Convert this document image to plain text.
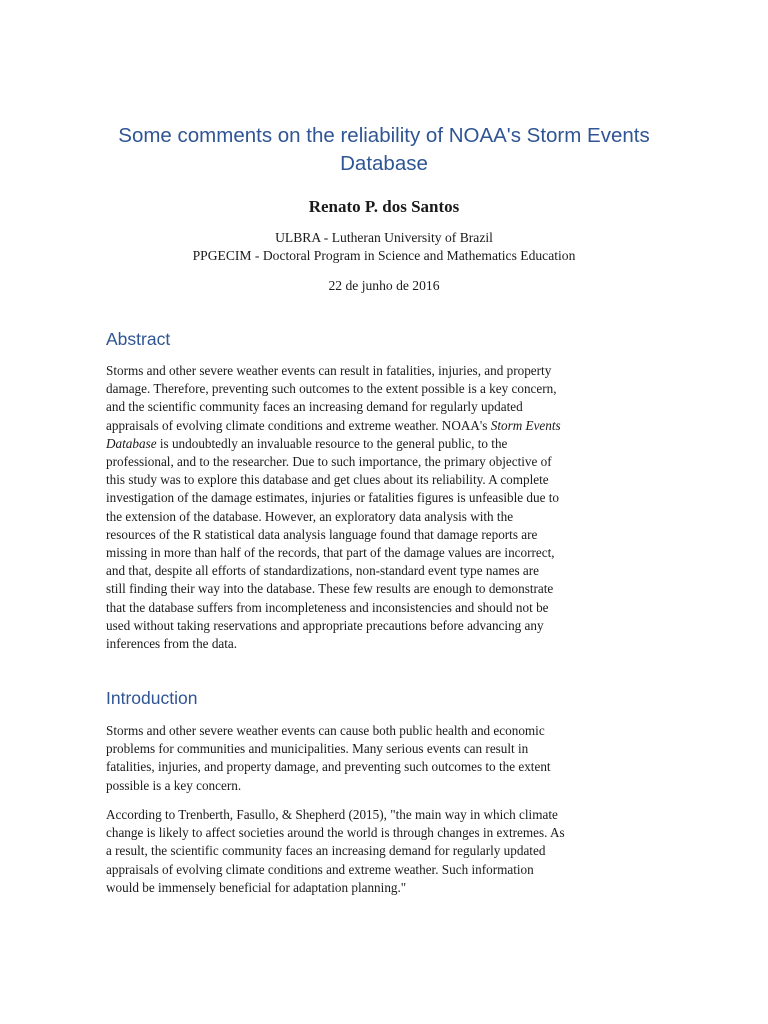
Some comments on the reliability of NOAA's Storm Events
Database

Renato P. dos Santos

ULBRA - Lutheran University of Brazil

PPGECIM - Doctoral Program in Science and Mathematics Education

22 de junho de 2016

Abstract

Storms and other severe weather events can result in fatalities, injuries, and property
damage. Therefore, preventing such outcomes to the extent possible is a key concern,
and the scientific community faces an increasing demand for regularly updated
appraisals of evolving climate conditions and extreme weather. NOAA's Storm Events
Database is undoubtedly an invaluable resource to the general public, to the
professional, and to the researcher. Due to such importance, the primary objective of
this study was to explore this database and get clues about its reliability. A complete
investigation of the damage estimates, injuries or fatalities figures is unfeasible due to
the extension of the database. However, an exploratory data analysis with the
resources of the R statistical data analysis language found that damage reports are
missing in more than half of the records, that part of the damage values are incorrect,
and that, despite all efforts of standardizations, non-standard event type names are
still finding their way into the database. These few results are enough to demonstrate
that the database suffers from incompleteness and inconsistencies and should not be
used without taking reservations and appropriate precautions before advancing any
inferences from the data.

Introduction

Storms and other severe weather events can cause both public health and economic
problems for communities and municipalities. Many serious events can result in
fatalities, injuries, and property damage, and preventing such outcomes to the extent
possible is a key concern.

According to Trenberth, Fasullo, & Shepherd (2015), "the main way in which climate
change is likely to affect societies around the world is through changes in extremes. As
a result, the scientific community faces an increasing demand for regularly updated
appraisals of evolving climate conditions and extreme weather. Such information
would be immensely beneficial for adaptation planning."
